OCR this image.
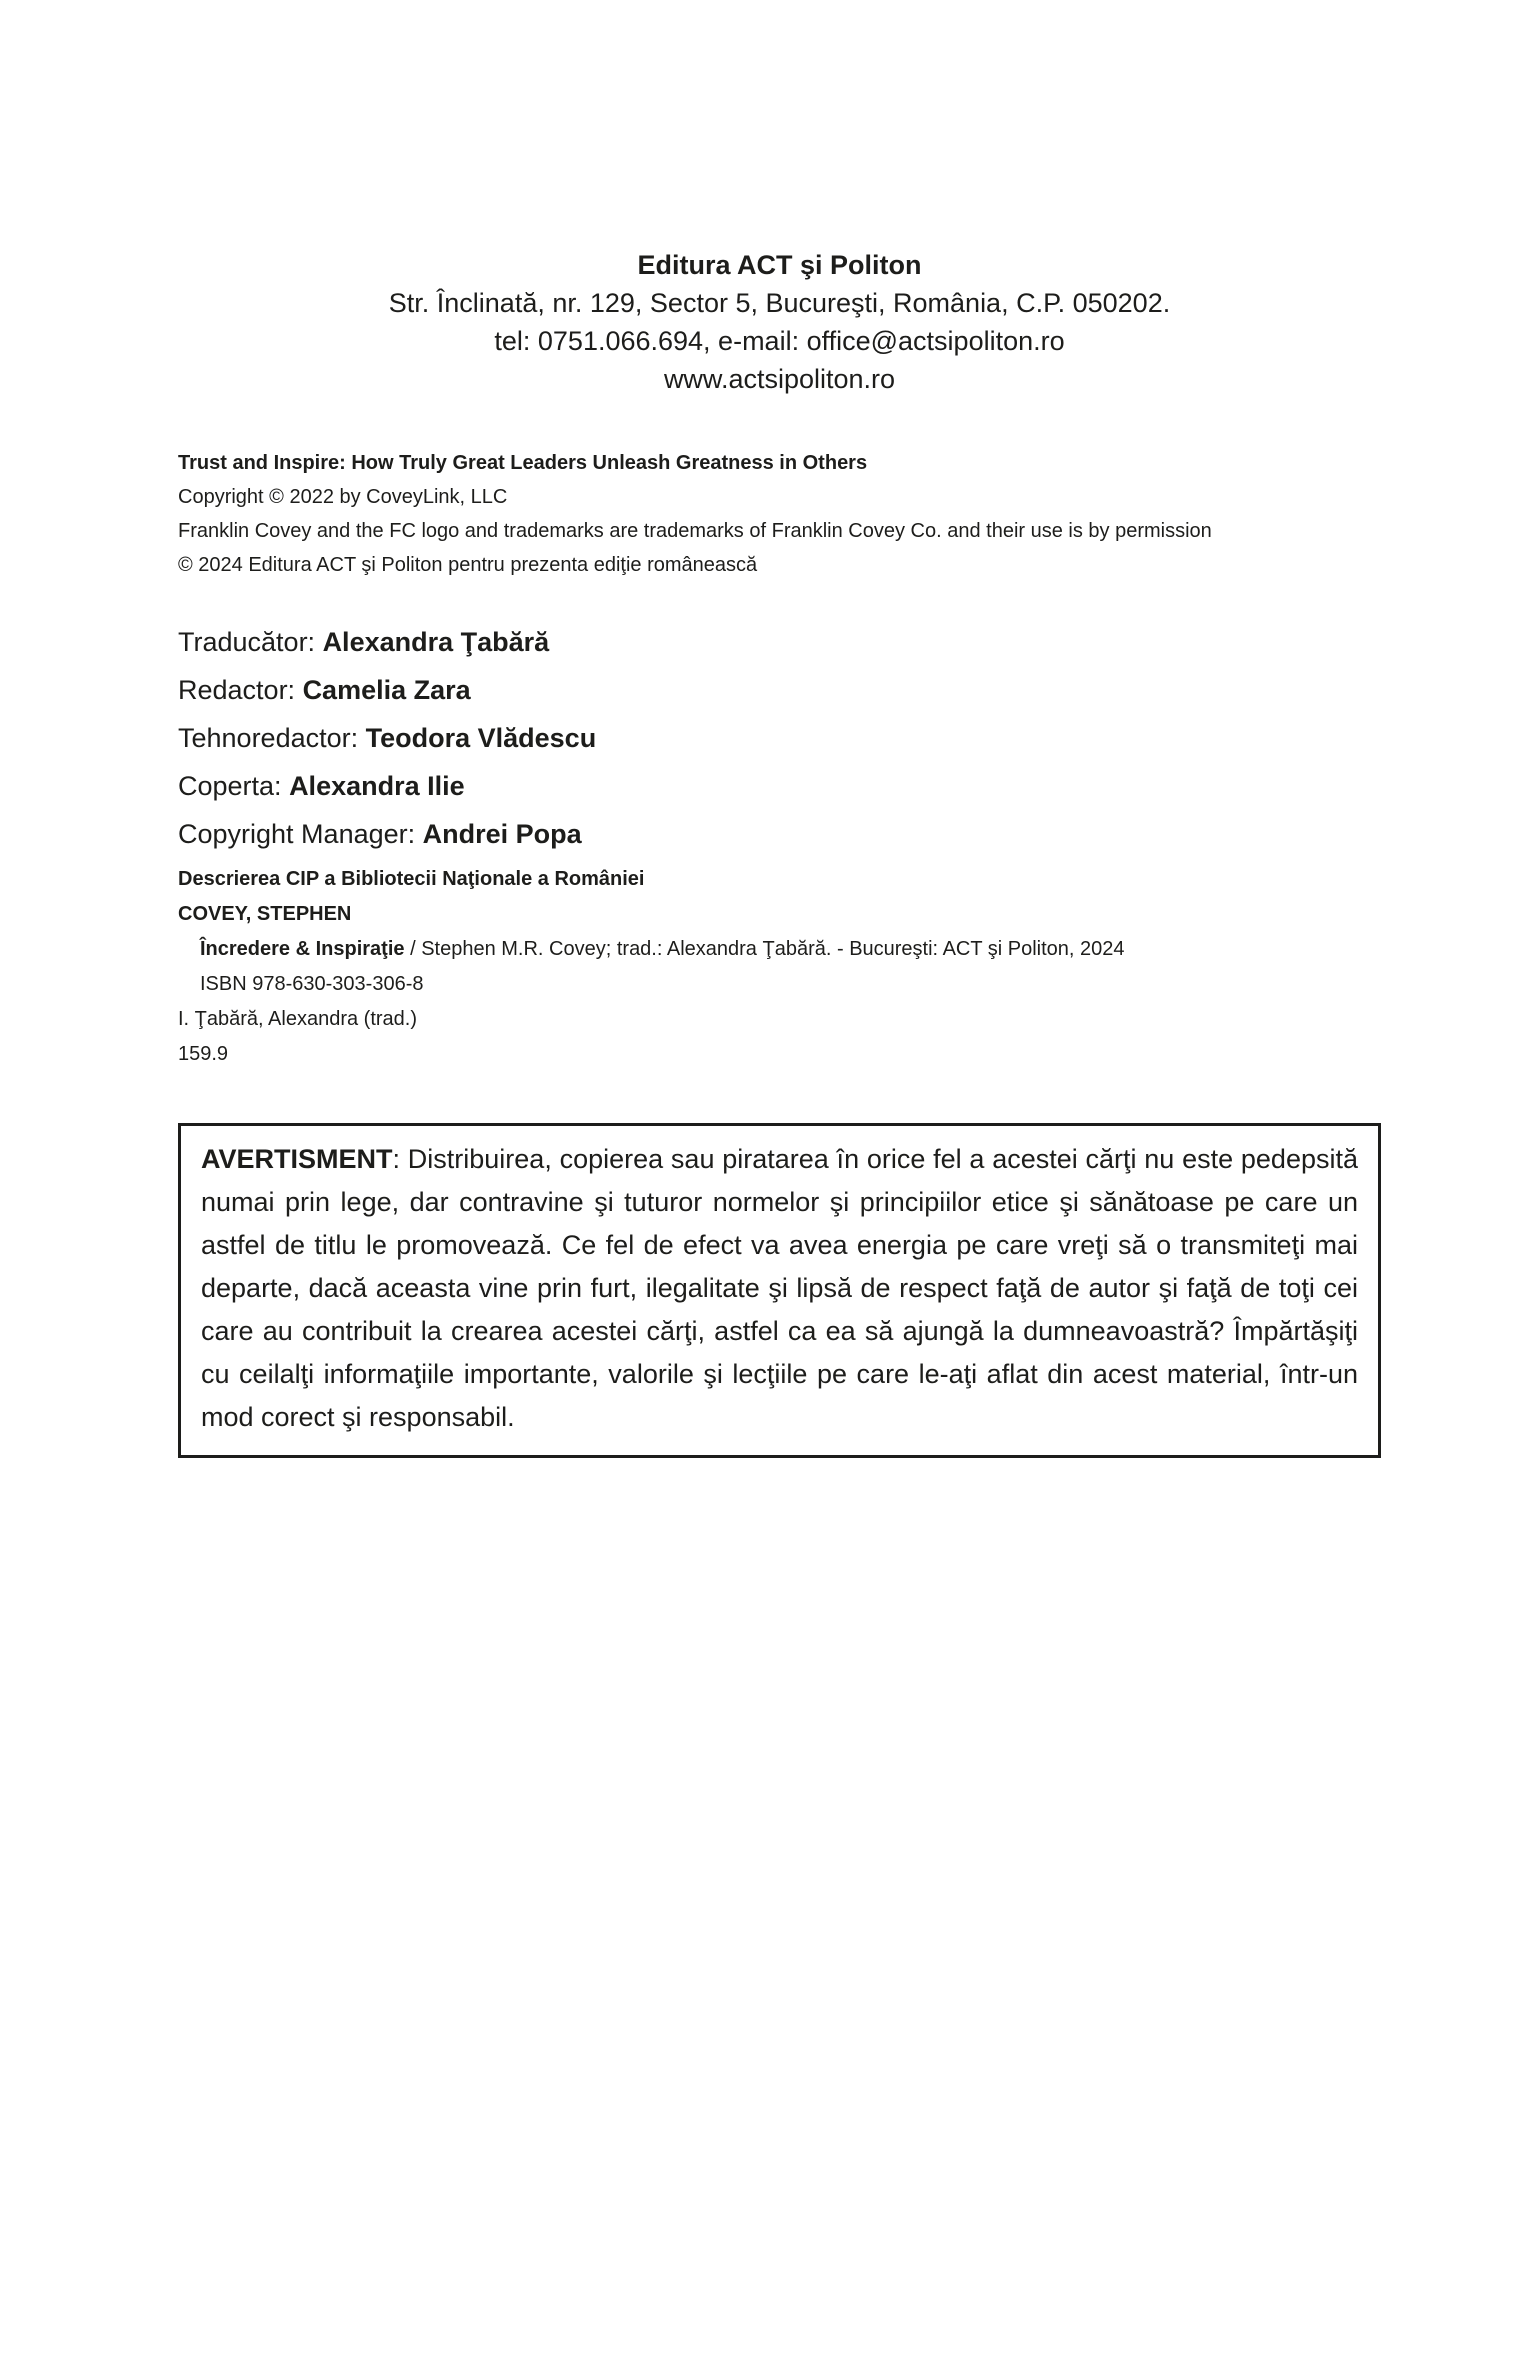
Editura ACT şi Politon
Str. Înclinată, nr. 129, Sector 5, Bucureşti, România, C.P. 050202.
tel: 0751.066.694, e-mail: office@actsipoliton.ro
www.actsipoliton.ro
Trust and Inspire: How Truly Great Leaders Unleash Greatness in Others
Copyright © 2022 by CoveyLink, LLC
Franklin Covey and the FC logo and trademarks are trademarks of Franklin Covey Co. and their use is by permission
© 2024 Editura ACT şi Politon pentru prezenta ediţie românească
Traducător: Alexandra Ţabără
Redactor: Camelia Zara
Tehnoredactor: Teodora Vlădescu
Coperta: Alexandra Ilie
Copyright Manager: Andrei Popa
Descrierea CIP a Bibliotecii Naţionale a României
COVEY, STEPHEN
Încredere & Inspiraţie / Stephen M.R. Covey; trad.: Alexandra Ţabără. - Bucureşti: ACT şi Politon, 2024
ISBN 978-630-303-306-8
I. Ţabără, Alexandra (trad.)
159.9
AVERTISMENT: Distribuirea, copierea sau piratarea în orice fel a acestei cărţi nu este pedepsită numai prin lege, dar contravine şi tuturor normelor şi principiilor etice şi sănătoase pe care un astfel de titlu le promovează. Ce fel de efect va avea energia pe care vreţi să o transmiteţi mai departe, dacă aceasta vine prin furt, ilegalitate şi lipsă de respect faţă de autor şi faţă de toţi cei care au contribuit la crearea acestei cărţi, astfel ca ea să ajungă la dumneavoastră? Împărtăşiţi cu ceilalţi informaţiile importante, valorile şi lecţiile pe care le-aţi aflat din acest material, într-un mod corect şi responsabil.
